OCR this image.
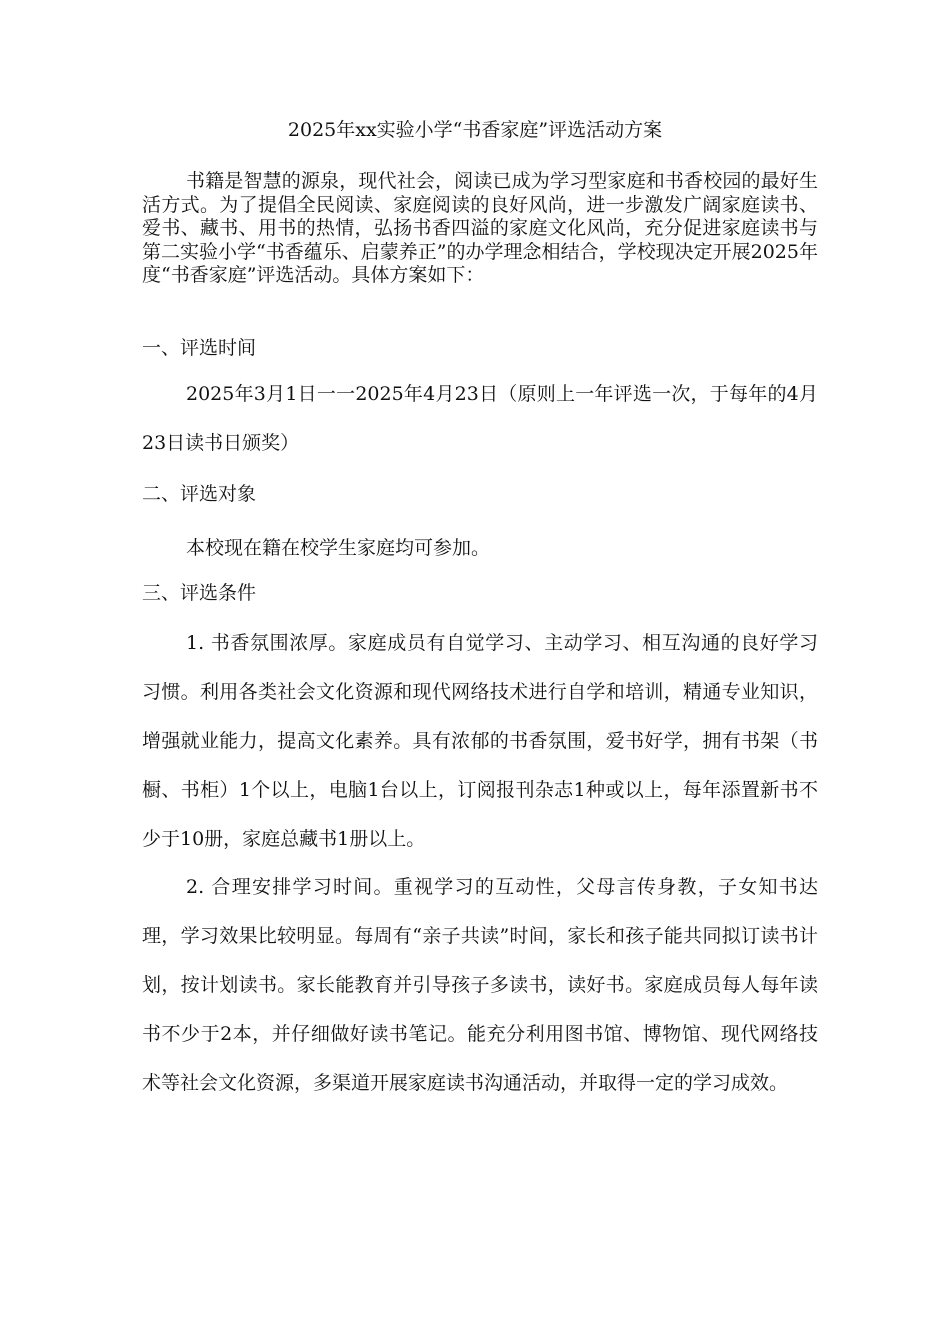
2025年xx实验小学“书香家庭”评选活动方案

书籍是智慧的源泉，现代社会，阅读已成为学习型家庭和书香校园的最好生活方式。为了提倡全民阅读、家庭阅读的良好风尚，进一步激发广阔家庭读书、爱书、藏书、用书的热情，弘扬书香四溢的家庭文化风尚，充分促进家庭读书与第二实验小学“书香蕴乐、启蒙养正”的办学理念相结合，学校现决定开展2025年度“书香家庭”评选活动。具体方案如下：

一、评选时间

2025年3月1日一一2025年4月23日（原则上一年评选一次，于每年的4月23日读书日颁奖）

二、评选对象

本校现在籍在校学生家庭均可参加。

三、评选条件

1. 书香氛围浓厚。家庭成员有自觉学习、主动学习、相互沟通的良好学习习惯。利用各类社会文化资源和现代网络技术进行自学和培训，精通专业知识，增强就业能力，提高文化素养。具有浓郁的书香氛围，爱书好学，拥有书架（书橱、书柜）1个以上，电脑1台以上，订阅报刊杂志1种或以上，每年添置新书不少于10册，家庭总藏书1册以上。

2. 合理安排学习时间。重视学习的互动性，父母言传身教，子女知书达理，学习效果比较明显。每周有“亲子共读”时间，家长和孩子能共同拟订读书计划，按计划读书。家长能教育并引导孩子多读书，读好书。家庭成员每人每年读书不少于2本，并仔细做好读书笔记。能充分利用图书馆、博物馆、现代网络技术等社会文化资源，多渠道开展家庭读书沟通活动，并取得一定的学习成效。
